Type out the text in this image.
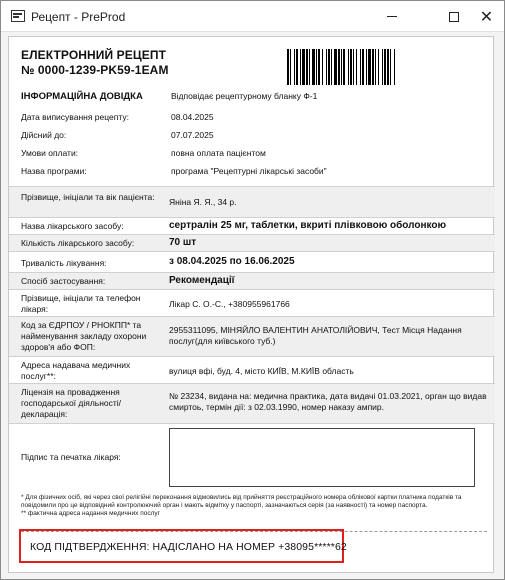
Рецепт - PreProd	✕
ЕЛЕКТРОННИЙ РЕЦЕПТ
№ 0000-1239-PK59-1EAM
ІНФОРМАЦІЙНА ДОВІДКА	Відповідає рецептурному бланку Ф-1
Дата виписування рецепту:	08.04.2025
Дійсний до:	07.07.2025
Умови оплати:	повна оплата пацієнтом
Назва програми:	програма "Рецептурні лікарські засоби"
Прізвище, ініціали та вік пацієнта: Яніна Я. Я., 34 р.
Назва лікарського засобу:	сертралін 25 мг, таблетки, вкриті плівковою оболонкою
Кількість лікарського засобу:	70 шт
Тривалість лікування:	з 08.04.2025 по 16.06.2025
Спосіб застосування:	Рекомендації
Прізвище, ініціали та телефон лікаря:	Лікар С. О.-С., +380955961766
Код за ЄДРПОУ / РНОКПП* та найменування закладу охорони здоров'я або ФОП:
2955311095, МІНЯЙЛО ВАЛЕНТИН АНАТОЛІЙОВИЧ, Тест Місця Надання послуг(для київського туб.)
Адреса надавача медичних послуг**:	вулиця вфі, буд. 4, місто КИЇВ, М.КИЇВ область
Ліцензія на провадження господарської діяльності/декларація:
№ 23234, видана на: медична практика, дата видачі 01.03.2021, орган що видав смиртоь, термін дії: з 02.03.1990, номер наказу ампир.
Підпис та печатка лікаря:
* Для фізичних осіб, які через свої релігійні переконання відмовились від прийняття реєстраційного номера облікової картки платника податків та повідомили про це відповідний контролюючий орган і мають відмітку у паспорті, зазначаються серія (за наявності) та номер паспорта.
** фактична адреса надання медичних послуг
КОД ПІДТВЕРДЖЕННЯ: НАДІСЛАНО НА НОМЕР +38095*****62
